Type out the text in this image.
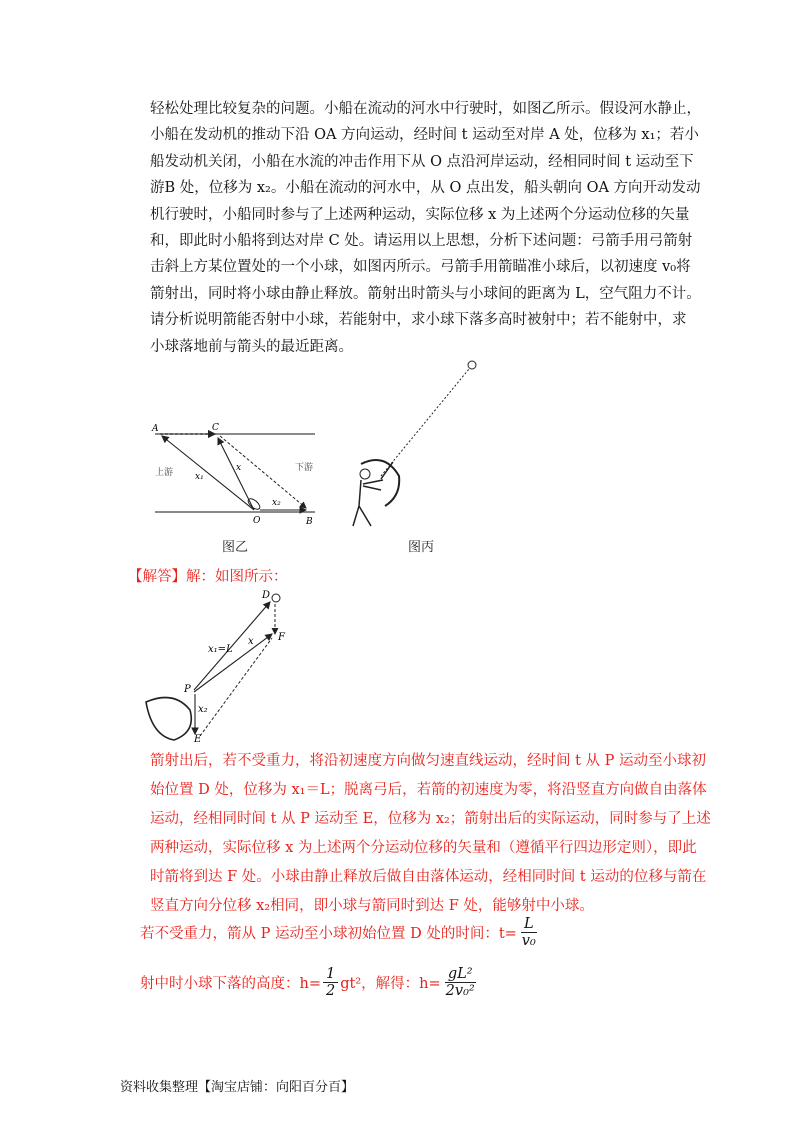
轻松处理比较复杂的问题。小船在流动的河水中行驶时，如图乙所示。假设河水静止，
小船在发动机的推动下沿 OA 方向运动，经时间 t 运动至对岸 A 处，位移为 x₁；若小
船发动机关闭，小船在水流的冲击作用下从 O 点沿河岸运动，经相同时间 t 运动至下
游B 处，位移为 x₂。小船在流动的河水中，从 O 点出发，船头朝向 OA 方向开动发动
机行驶时，小船同时参与了上述两种运动，实际位移 x 为上述两个分运动位移的矢量
和，即此时小船将到达对岸 C 处。请运用以上思想，分析下述问题：弓箭手用弓箭射
击斜上方某位置处的一个小球，如图丙所示。弓箭手用箭瞄准小球后，以初速度 v₀将
箭射出，同时将小球由静止释放。箭射出时箭头与小球间的距离为 L，空气阻力不计。
请分析说明箭能否射中小球，若能射中，求小球下落多高时被射中；若不能射中，求
小球落地前与箭头的最近距离。
A	C
O	B
x₁
x
x₂
上游	下游
图乙	图丙
【解答】解：如图所示：
D
x₁=L
x F
P
x₂
E
箭射出后，若不受重力，将沿初速度方向做匀速直线运动，经时间 t 从 P 运动至小球初
始位置 D 处，位移为 x₁＝L；脱离弓后，若箭的初速度为零，将沿竖直方向做自由落体
运动，经相同时间 t 从 P 运动至 E，位移为 x₂；箭射出后的实际运动，同时参与了上述
两种运动，实际位移 x 为上述两个分运动位移的矢量和（遵循平行四边形定则），即此
时箭将到达 F 处。小球由静止释放后做自由落体运动，经相同时间 t 运动的位移与箭在
竖直方向分位移 x₂相同，即小球与箭同时到达 F 处，能够射中小球。
若不受重力，箭从 P 运动至小球初始位置 D 处的时间：$t= \frac{L}{\text{v₀}}$
射中时小球下落的高度：$h= \frac{1}{2} gt^2$，解得：$h= \frac{\text{gL²}}{\text{2v₀²}}$
资料收集整理【淘宝店铺：向阳百分百】
